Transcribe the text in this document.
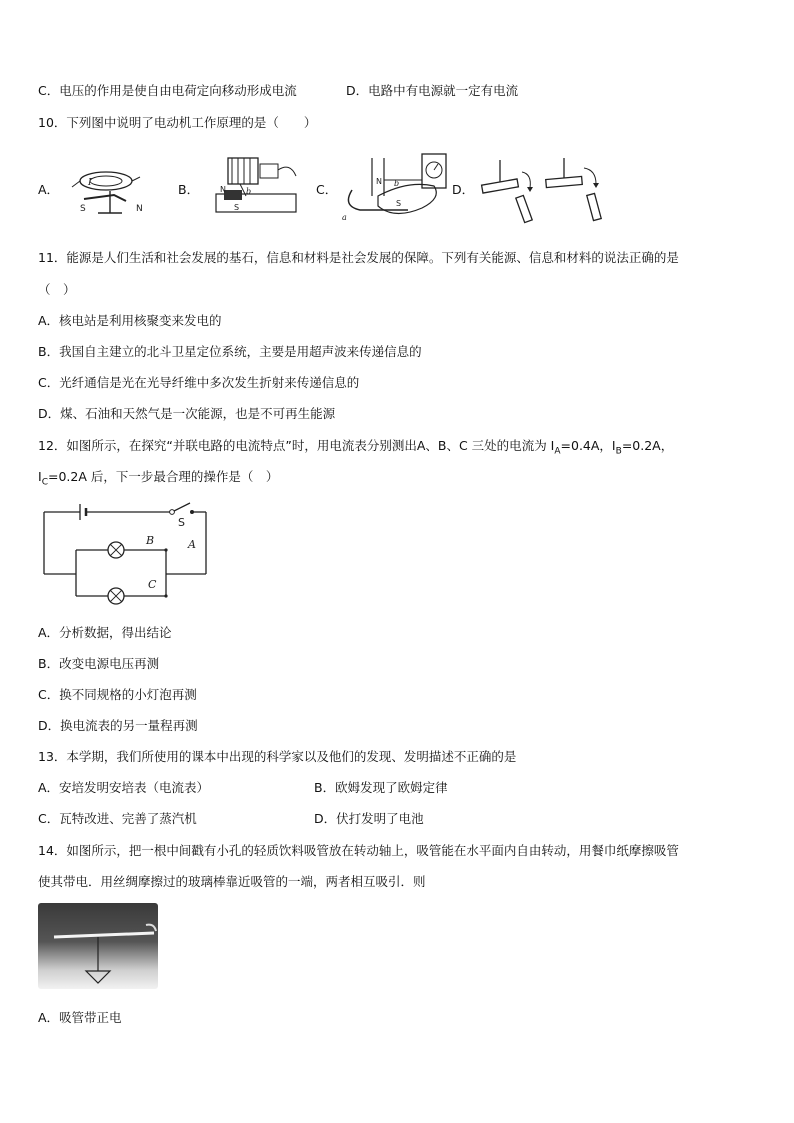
C．电压的作用是使自由电荷定向移动形成电流	D．电路中有电源就一定有电流
10．下列图中说明了电动机工作原理的是（　　）
A．	I
S	N
B．	N
S
b	C．
N
S
a
b	D．
11．能源是人们生活和社会发展的基石，信息和材料是社会发展的保障。下列有关能源、信息和材料的说法正确的是
（　）
A．核电站是利用核聚变来发电的
B．我国自主建立的北斗卫星定位系统，主要是用超声波来传递信息的
C．光纤通信是光在光导纤维中多次发生折射来传递信息的
D．煤、石油和天然气是一次能源，也是不可再生能源
12．如图所示，在探究“并联电路的电流特点”时，用电流表分别测出A、B、C 三处的电流为 $I_A=0.4A$，$I_B=0.2A$，
$I_C=0.2A$ 后，下一步最合理的操作是（　）
S
A
B
C
A．分析数据，得出结论
B．改变电源电压再测
C．换不同规格的小灯泡再测
D．换电流表的另一量程再测
13．本学期，我们所使用的课本中出现的科学家以及他们的发现、发明描述不正确的是
A．安培发明安培表（电流表）	B．欧姆发现了欧姆定律
C．瓦特改进、完善了蒸汽机	D．伏打发明了电池
14．如图所示，把一根中间戳有小孔的轻质饮料吸管放在转动轴上，吸管能在水平面内自由转动，用餐巾纸摩擦吸管
使其带电．用丝绸摩擦过的玻璃棒靠近吸管的一端，两者相互吸引．则
A．吸管带正电
